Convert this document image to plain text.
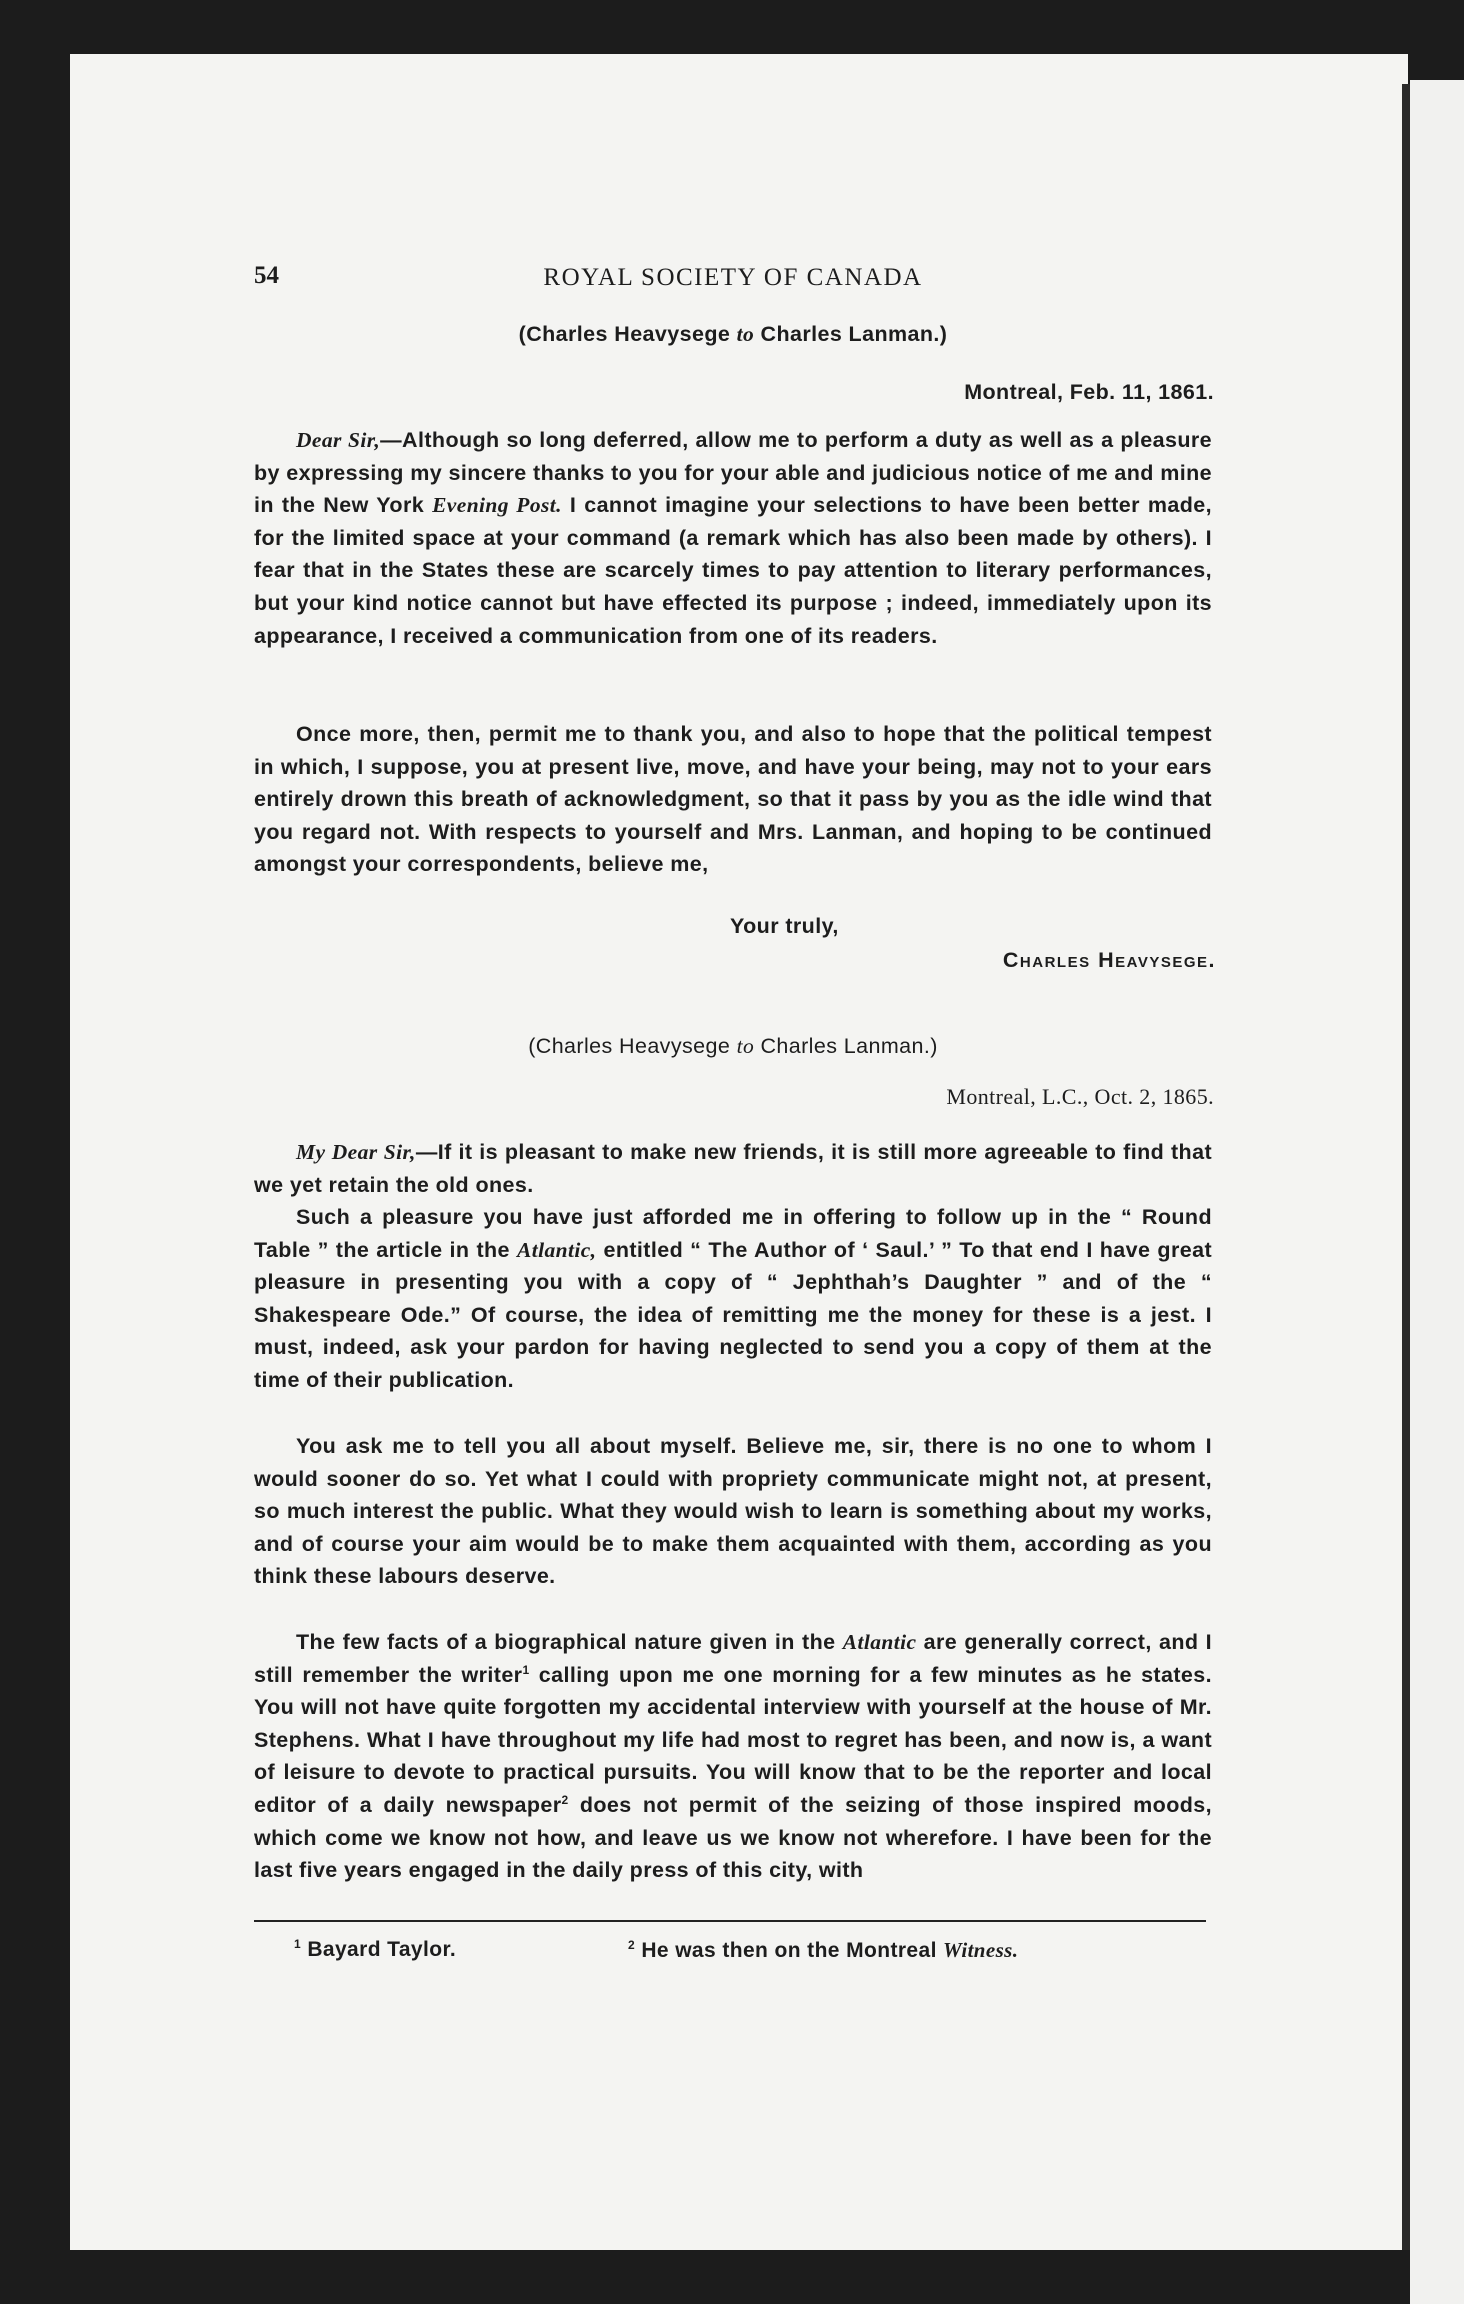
54	ROYAL SOCIETY OF CANADA
(Charles Heavysege to Charles Lanman.)
Montreal, Feb. 11, 1861.

Dear Sir,—Although so long deferred, allow me to perform a duty as well as a pleasure by expressing my sincere thanks to you for your able and judicious notice of me and mine in the New York Evening Post. I cannot imagine your selections to have been better made, for the limited space at your command (a remark which has also been made by others). I fear that in the States these are scarcely times to pay attention to literary performances, but your kind notice cannot but have effected its purpose ; indeed, immediately upon its appearance, I received a communication from one of its readers.

Once more, then, permit me to thank you, and also to hope that the political tempest in which, I suppose, you at present live, move, and have your being, may not to your ears entirely drown this breath of acknowledgment, so that it pass by you as the idle wind that you regard not. With respects to yourself and Mrs. Lanman, and hoping to be continued amongst your correspondents, believe me,

Your truly,
Charles Heavysege.
(Charles Heavysege to Charles Lanman.)
Montreal, L.C., Oct. 2, 1865.

My Dear Sir,—If it is pleasant to make new friends, it is still more agreeable to find that we yet retain the old ones.

Such a pleasure you have just afforded me in offering to follow up in the “ Round Table ” the article in the Atlantic, entitled “ The Author of ‘ Saul.’ ” To that end I have great pleasure in presenting you with a copy of “ Jephthah’s Daughter ” and of the “ Shakespeare Ode.” Of course, the idea of remitting me the money for these is a jest. I must, indeed, ask your pardon for having neglected to send you a copy of them at the time of their publication.

You ask me to tell you all about myself. Believe me, sir, there is no one to whom I would sooner do so. Yet what I could with propriety communicate might not, at present, so much interest the public. What they would wish to learn is something about my works, and of course your aim would be to make them acquainted with them, according as you think these labours deserve.

The few facts of a biographical nature given in the Atlantic are generally correct, and I still remember the writer$^1$ calling upon me one morning for a few minutes as he states. You will not have quite forgotten my accidental interview with yourself at the house of Mr. Stephens. What I have throughout my life had most to regret has been, and now is, a want of leisure to devote to practical pursuits. You will know that to be the reporter and local editor of a daily newspaper$^2$ does not permit of the seizing of those inspired moods, which come we know not how, and leave us we know not wherefore. I have been for the last five years engaged in the daily press of this city, with

$^1$ Bayard Taylor.	$^2$ He was then on the Montreal Witness.
